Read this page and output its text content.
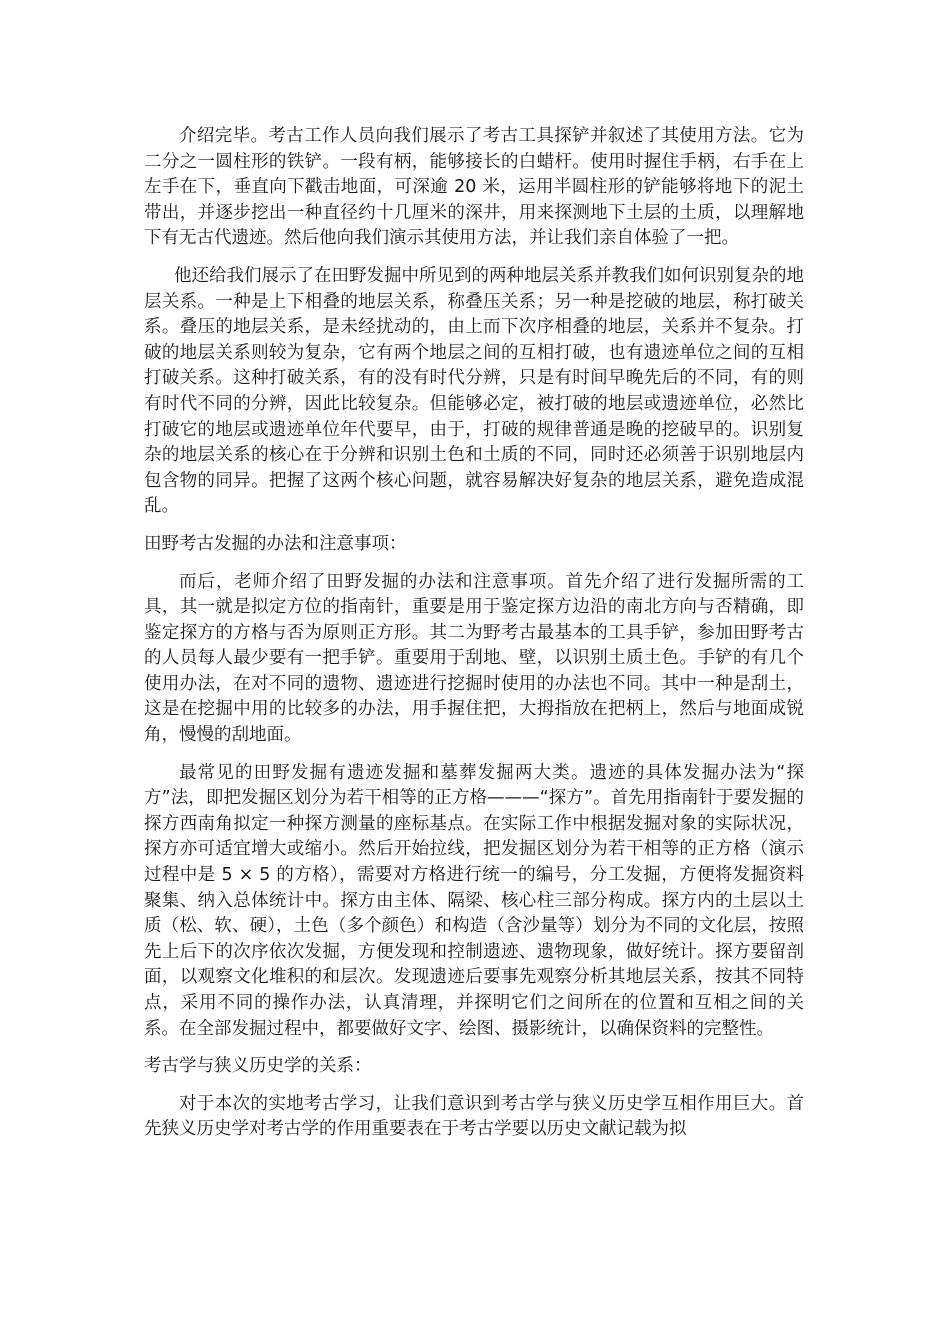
介绍完毕。考古工作人员向我们展示了考古工具探铲并叙述了其使用方法。它为二分之一圆柱形的铁铲。一段有柄，能够接长的白蜡杆。使用时握住手柄，右手在上左手在下，垂直向下戳击地面，可深逾 20 米，运用半圆柱形的铲能够将地下的泥土带出，并逐步挖出一种直径约十几厘米的深井，用来探测地下土层的土质，以理解地下有无古代遗迹。然后他向我们演示其使用方法，并让我们亲自体验了一把。

他还给我们展示了在田野发掘中所见到的两种地层关系并教我们如何识别复杂的地层关系。一种是上下相叠的地层关系，称叠压关系；另一种是挖破的地层，称打破关系。叠压的地层关系，是未经扰动的，由上而下次序相叠的地层，关系并不复杂。打破的地层关系则较为复杂，它有两个地层之间的互相打破，也有遗迹单位之间的互相打破关系。这种打破关系，有的没有时代分辨，只是有时间早晚先后的不同，有的则有时代不同的分辨，因此比较复杂。但能够必定，被打破的地层或遗迹单位，必然比打破它的地层或遗迹单位年代要早，由于，打破的规律普通是晚的挖破早的。识别复杂的地层关系的核心在于分辨和识别土色和土质的不同，同时还必须善于识别地层内包含物的同异。把握了这两个核心问题，就容易解决好复杂的地层关系，避免造成混乱。

田野考古发掘的办法和注意事项：

而后，老师介绍了田野发掘的办法和注意事项。首先介绍了进行发掘所需的工具，其一就是拟定方位的指南针，重要是用于鉴定探方边沿的南北方向与否精确，即鉴定探方的方格与否为原则正方形。其二为野考古最基本的工具手铲，参加田野考古的人员每人最少要有一把手铲。重要用于刮地、壁，以识别土质土色。手铲的有几个使用办法，在对不同的遗物、遗迹进行挖掘时使用的办法也不同。其中一种是刮土，这是在挖掘中用的比较多的办法，用手握住把，大拇指放在把柄上，然后与地面成锐角，慢慢的刮地面。

最常见的田野发掘有遗迹发掘和墓葬发掘两大类。遗迹的具体发掘办法为“探方”法，即把发掘区划分为若干相等的正方格———“探方”。首先用指南针于要发掘的探方西南角拟定一种探方测量的座标基点。在实际工作中根据发掘对象的实际状况，探方亦可适宜增大或缩小。然后开始拉线，把发掘区划分为若干相等的正方格（演示过程中是 5 × 5 的方格），需要对方格进行统一的编号，分工发掘，方便将发掘资料聚集、纳入总体统计中。探方由主体、隔梁、核心柱三部分构成。探方内的土层以土质（松、软、硬），土色（多个颜色）和构造（含沙量等）划分为不同的文化层，按照先上后下的次序依次发掘，方便发现和控制遗迹、遗物现象，做好统计。探方要留剖面，以观察文化堆积的和层次。发现遗迹后要事先观察分析其地层关系，按其不同特点，采用不同的操作办法，认真清理，并探明它们之间所在的位置和互相之间的关系。在全部发掘过程中，都要做好文字、绘图、摄影统计，以确保资料的完整性。

考古学与狭义历史学的关系：

对于本次的实地考古学习，让我们意识到考古学与狭义历史学互相作用巨大。首先狭义历史学对考古学的作用重要表在于考古学要以历史文献记载为拟
